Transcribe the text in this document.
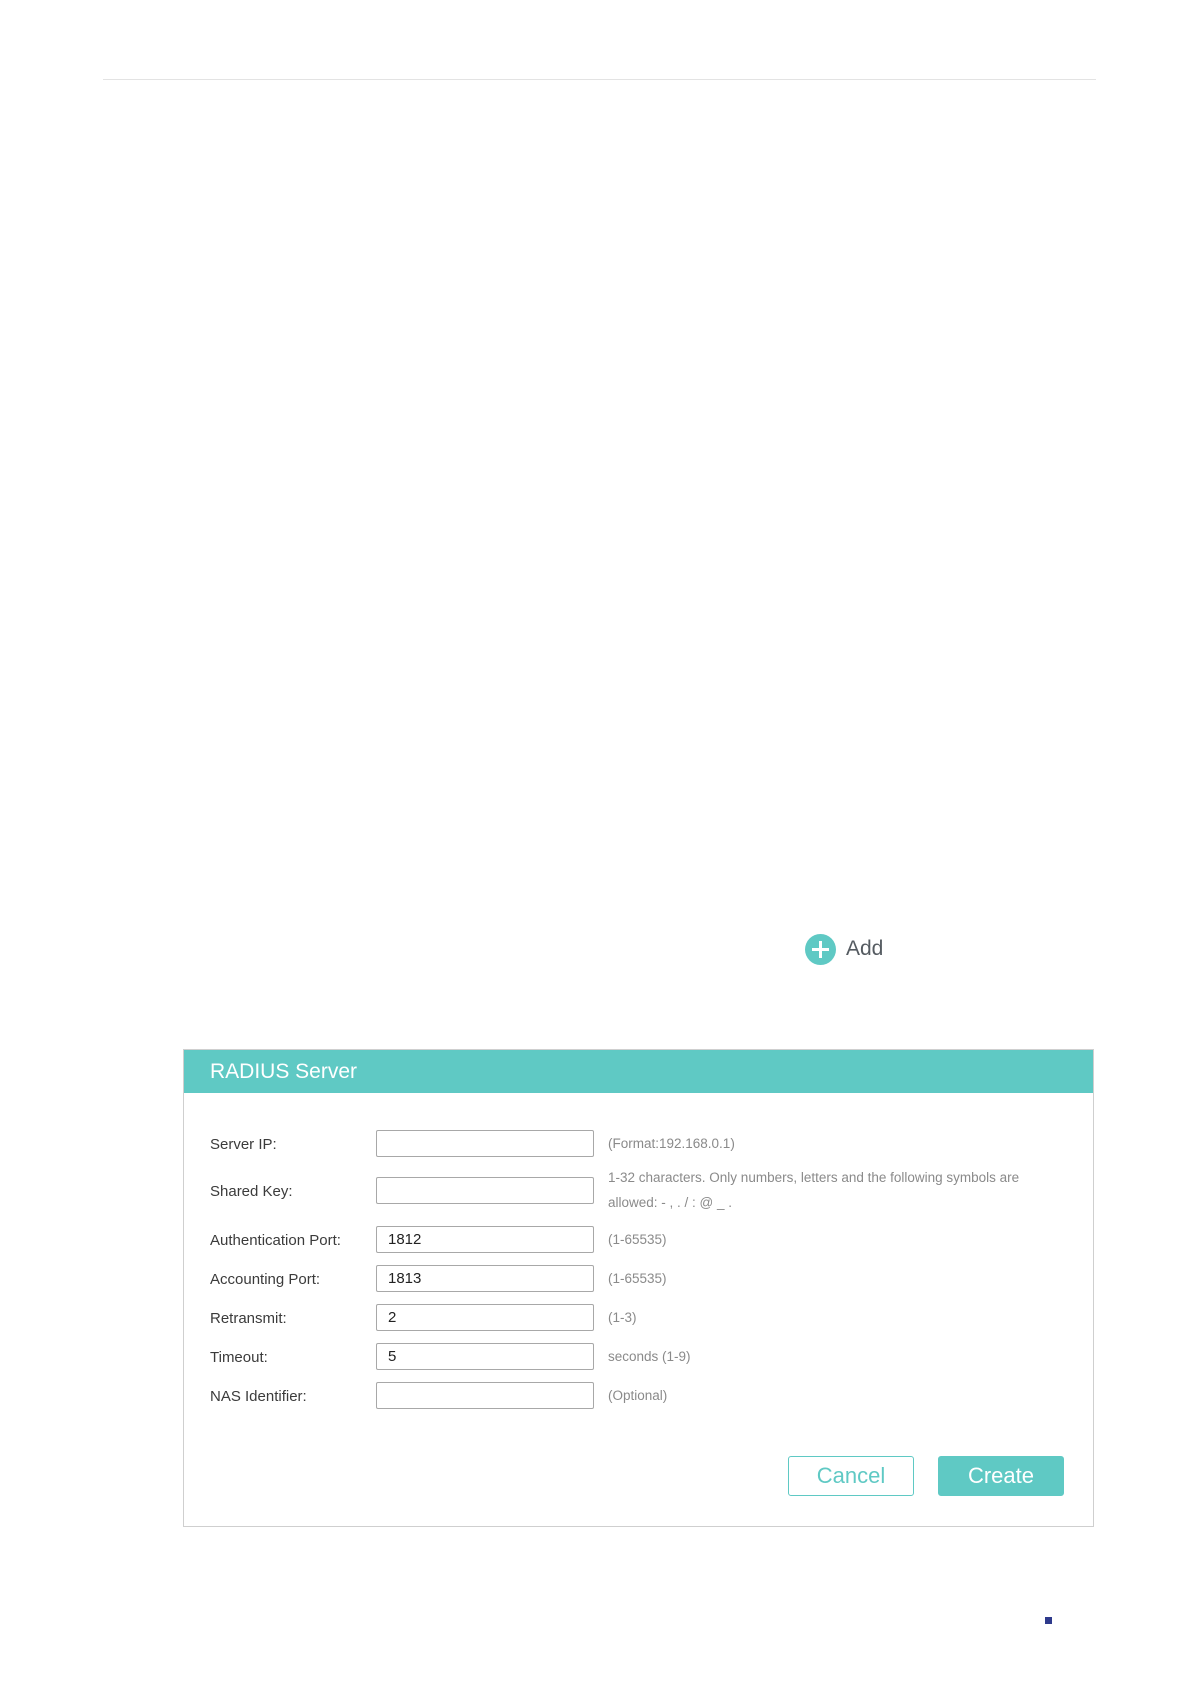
Add
RADIUS Server
Server IP:	(Format:192.168.0.1)
Shared Key:
1-32 characters. Only numbers, letters and the following symbols are
allowed: - , . / : @ _ .
Authentication Port:
1812	(1-65535)
Accounting Port:
1813	(1-65535)
Retransmit:
2	(1-3)
Timeout:
5	seconds (1-9)
NAS Identifier:	(Optional)
Cancel	Create
